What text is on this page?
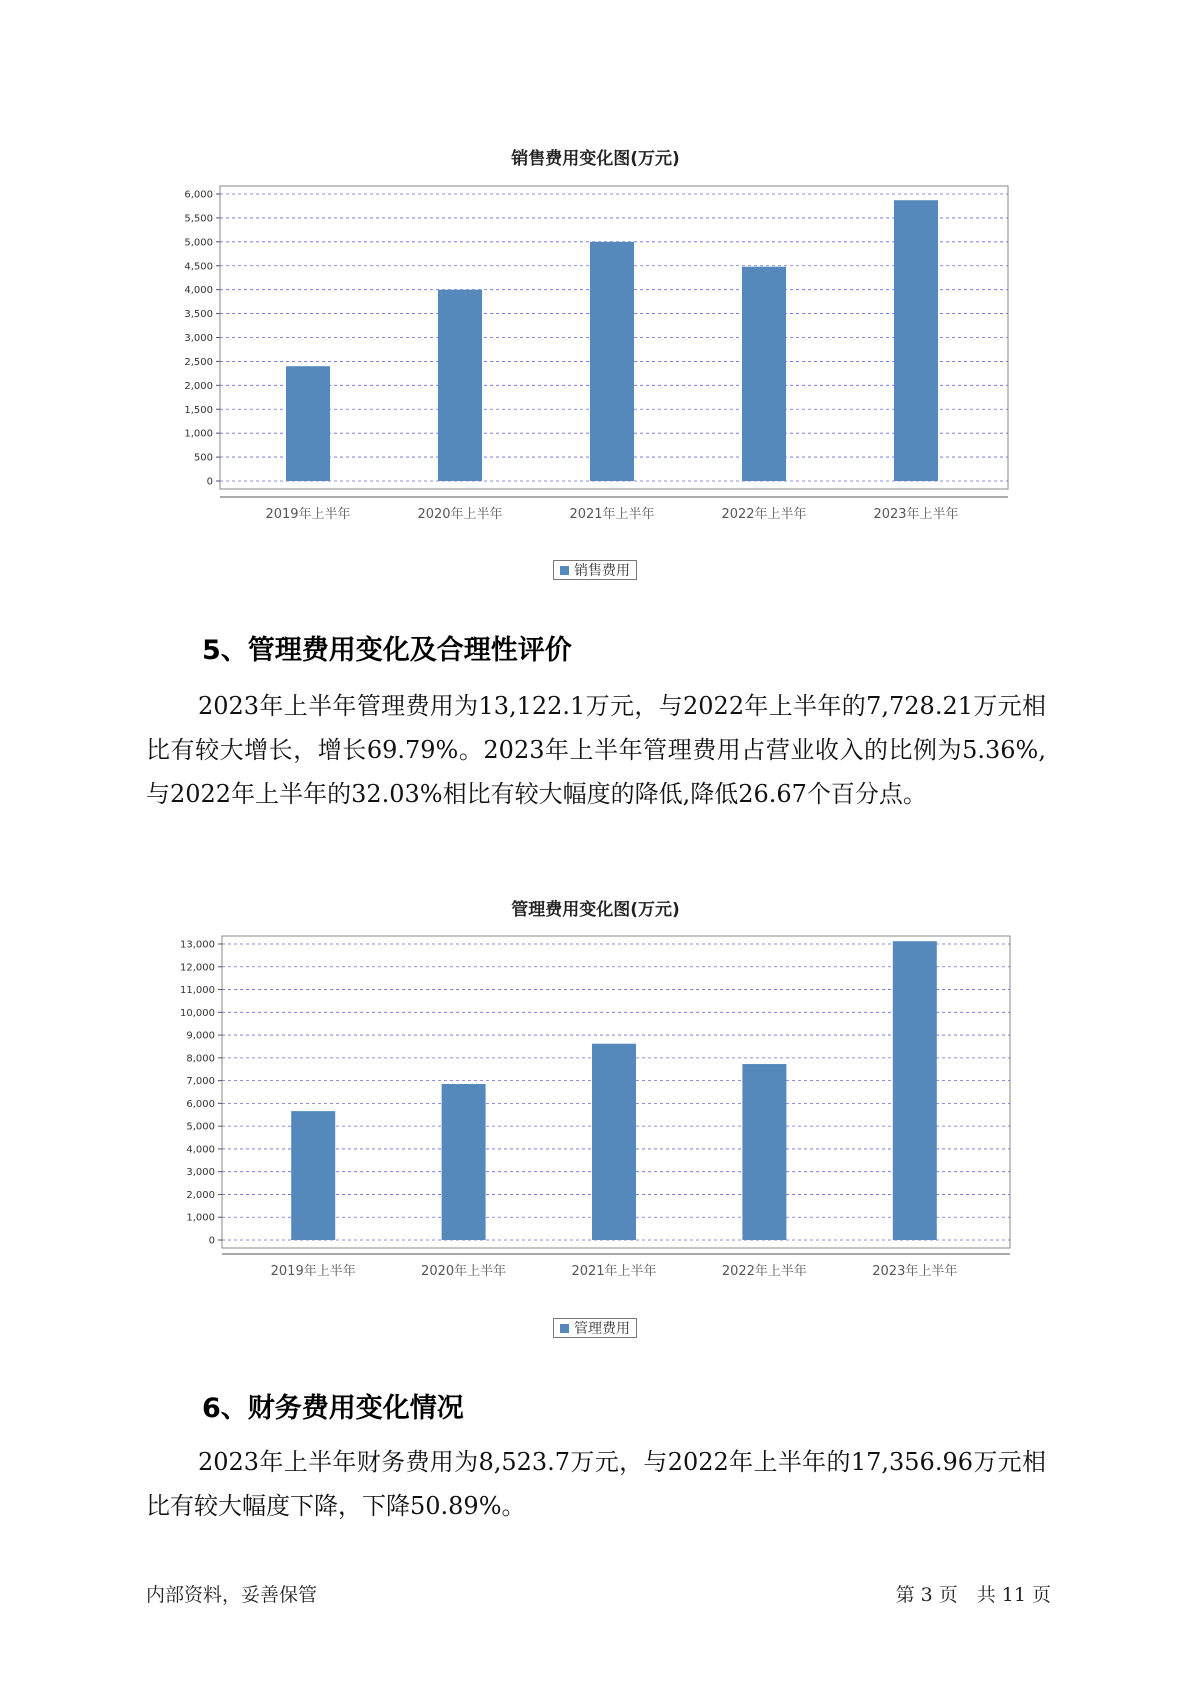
销售费用变化图(万元)
0
500
1,000
1,500
2,000
2,500
3,000
3,500
4,000
4,500
5,000
5,500
6,000
2019年上半年	2020年上半年	2021年上半年	2022年上半年	2023年上半年
销售费用
5、管理费用变化及合理性评价

2023年上半年管理费用为13,122.1万元，与2022年上半年的7,728.21万元相比有较大增长，增长69.79%。2023年上半年管理费用占营业收入的比例为5.36%,与2022年上半年的32.03%相比有较大幅度的降低,降低26.67个百分点。

管理费用变化图(万元)
0
1,000
2,000
3,000
4,000
5,000
6,000
7,000
8,000
9,000
10,000
11,000
12,000
13,000
2019年上半年	2020年上半年	2021年上半年	2022年上半年	2023年上半年
管理费用
6、财务费用变化情况

2023年上半年财务费用为8,523.7万元，与2022年上半年的17,356.96万元相比有较大幅度下降，下降50.89%。

内部资料，妥善保管	第 3 页　共 11 页
